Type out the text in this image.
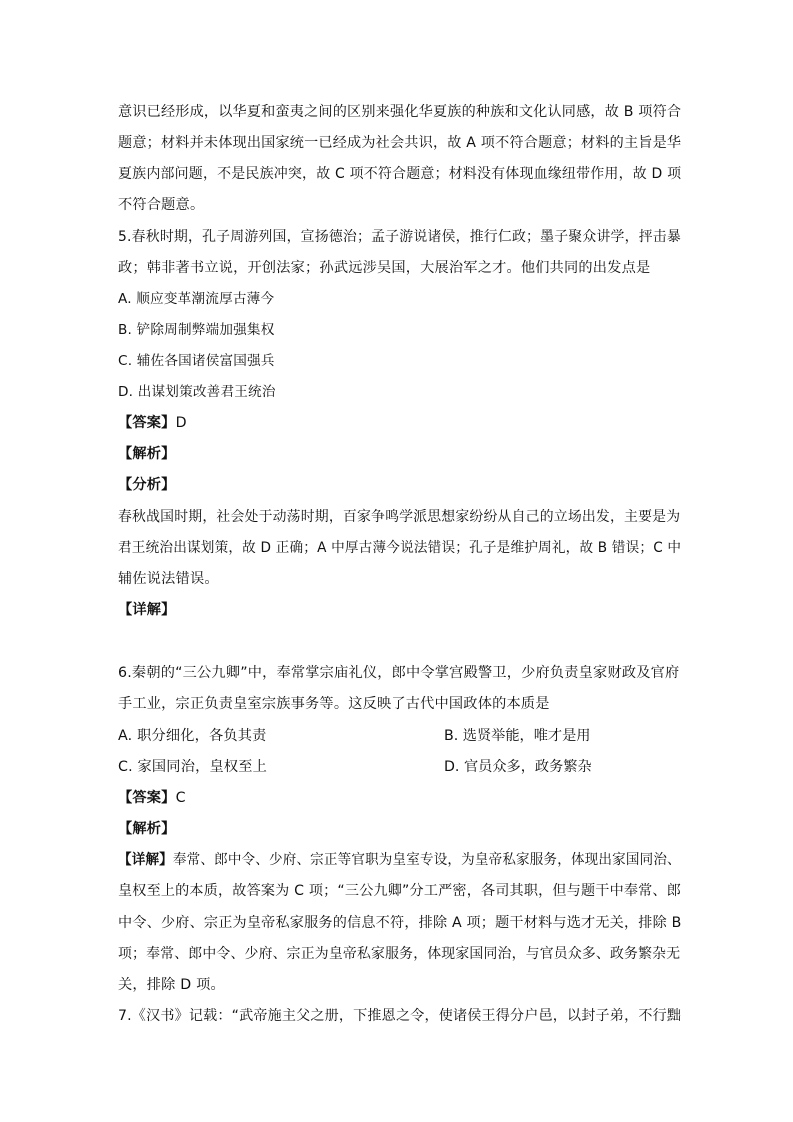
意识已经形成，以华夏和蛮夷之间的区别来强化华夏族的种族和文化认同感，故 B 项符合
题意；材料并未体现出国家统一已经成为社会共识，故 A 项不符合题意；材料的主旨是华
夏族内部问题，不是民族冲突，故 C 项不符合题意；材料没有体现血缘纽带作用，故 D 项
不符合题意。
5.春秋时期，孔子周游列国，宣扬德治；孟子游说诸侯，推行仁政；墨子聚众讲学，抨击暴
政；韩非著书立说，开创法家；孙武远涉吴国，大展治军之才。他们共同的出发点是
A. 顺应变革潮流厚古薄今
B. 铲除周制弊端加强集权
C. 辅佐各国诸侯富国强兵
D. 出谋划策改善君王统治
【答案】D
【解析】
【分析】
春秋战国时期，社会处于动荡时期，百家争鸣学派思想家纷纷从自己的立场出发，主要是为
君王统治出谋划策，故 D 正确；A 中厚古薄今说法错误；孔子是维护周礼，故 B 错误；C 中
辅佐说法错误。
【详解】
6.秦朝的“三公九卿”中，奉常掌宗庙礼仪，郎中令掌宫殿警卫，少府负责皇家财政及官府
手工业，宗正负责皇室宗族事务等。这反映了古代中国政体的本质是
A. 职分细化，各负其责	B. 选贤举能，唯才是用
C. 家国同治，皇权至上	D. 官员众多，政务繁杂
【答案】C
【解析】
【详解】奉常、郎中令、少府、宗正等官职为皇室专设，为皇帝私家服务，体现出家国同治、
皇权至上的本质，故答案为 C 项；“三公九卿”分工严密，各司其职，但与题干中奉常、郎
中令、少府、宗正为皇帝私家服务的信息不符，排除 A 项；题干材料与选才无关，排除 B
项；奉常、郎中令、少府、宗正为皇帝私家服务，体现家国同治，与官员众多、政务繁杂无
关，排除 D 项。
7.《汉书》记载：“武帝施主父之册，下推恩之令，使诸侯王得分户邑，以封子弟，不行黜
